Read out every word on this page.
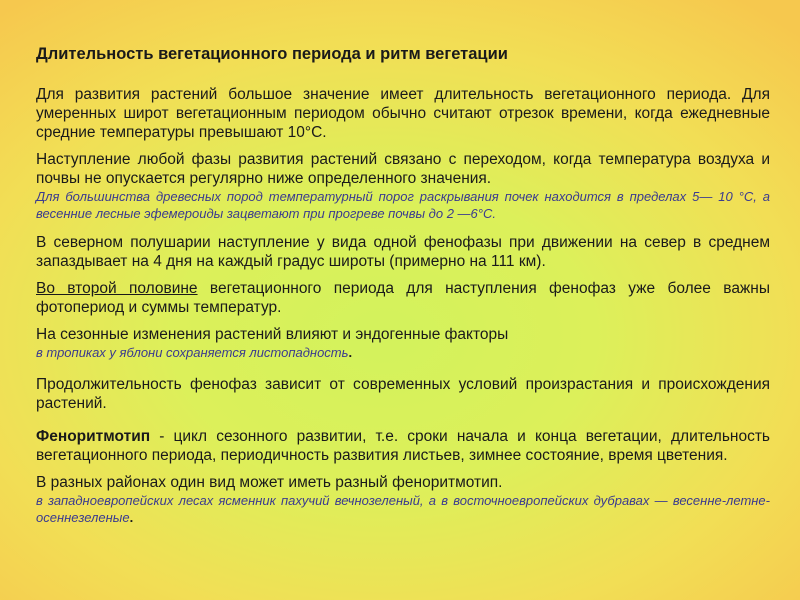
Длительность вегетационного периода и ритм вегетации

Для развития растений большое значение имеет длительность вегетационного периода. Для умеренных широт вегетационным периодом обычно считают отрезок времени, когда ежедневные средние температуры превышают 10°С.

Наступление любой фазы развития растений связано с переходом, когда температура воздуха и почвы не опускается регулярно ниже определенного значения.

Для большинства древесных пород температурный порог раскрывания почек находится в пределах 5— 10 °С, а весенние лесные эфемероиды зацветают при прогреве почвы до 2 —6°С.

В северном полушарии наступление у вида одной фенофазы при движении на север в среднем запаздывает на 4 дня на каждый градус широты (примерно на 111 км).

Во второй половине вегетационного периода для наступления фенофаз уже более важны фотопериод и суммы температур.

На сезонные изменения растений влияют и эндогенные факторы

в тропиках у яблони сохраняется листопадность.

Продолжительность фенофаз зависит от современных условий произрастания и происхождения растений.

Феноритмотип - цикл сезонного развитии, т.е. сроки начала и конца вегетации, длительность вегетационного периода, периодичность развития листьев, зимнее состояние, время цветения.

В разных районах один вид может иметь разный феноритмотип.

в западноевропейских лесах ясменник пахучий вечнозеленый, а в восточноевропейских дубравах — весенне-летне-осеннезеленые.
